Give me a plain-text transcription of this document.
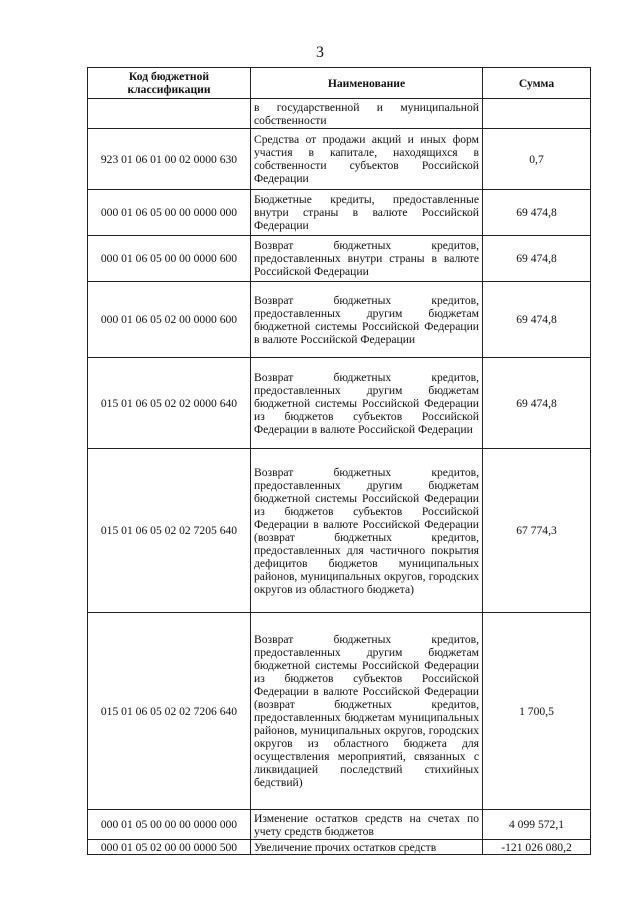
3
Код бюджетной классификации	Наименование	Сумма
	в государственной и муниципальной собственности	
923 01 06 01 00 02 0000 630	Средства от продажи акций и иных форм участия в капитале, находящихся в собственности субъектов Российской Федерации	0,7
000 01 06 05 00 00 0000 000	Бюджетные кредиты, предоставленные внутри страны в валюте Российской Федерации	69 474,8
000 01 06 05 00 00 0000 600	Возврат бюджетных кредитов, предоставленных внутри страны в валюте Российской Федерации	69 474,8
000 01 06 05 02 00 0000 600	Возврат бюджетных кредитов, предоставленных другим бюджетам бюджетной системы Российской Федерации в валюте Российской Федерации	69 474,8
015 01 06 05 02 02 0000 640	Возврат бюджетных кредитов, предоставленных другим бюджетам бюджетной системы Российской Федерации из бюджетов субъектов Российской Федерации в валюте Российской Федерации	69 474,8
015 01 06 05 02 02 7205 640	Возврат бюджетных кредитов, предоставленных другим бюджетам бюджетной системы Российской Федерации из бюджетов субъектов Российской Федерации в валюте Российской Федерации (возврат бюджетных кредитов, предоставленных для частичного покрытия дефицитов бюджетов муниципальных районов, муниципальных округов, городских округов из областного бюджета)	67 774,3
015 01 06 05 02 02 7206 640	Возврат бюджетных кредитов, предоставленных другим бюджетам бюджетной системы Российской Федерации из бюджетов субъектов Российской Федерации в валюте Российской Федерации (возврат бюджетных кредитов, предоставленных бюджетам муниципальных районов, муниципальных округов, городских округов из областного бюджета для осуществления мероприятий, связанных с ликвидацией последствий стихийных бедствий)	1 700,5
000 01 05 00 00 00 0000 000	Изменение остатков средств на счетах по учету средств бюджетов	4 099 572,1
000 01 05 02 00 00 0000 500	Увеличение прочих остатков средств	-121 026 080,2
